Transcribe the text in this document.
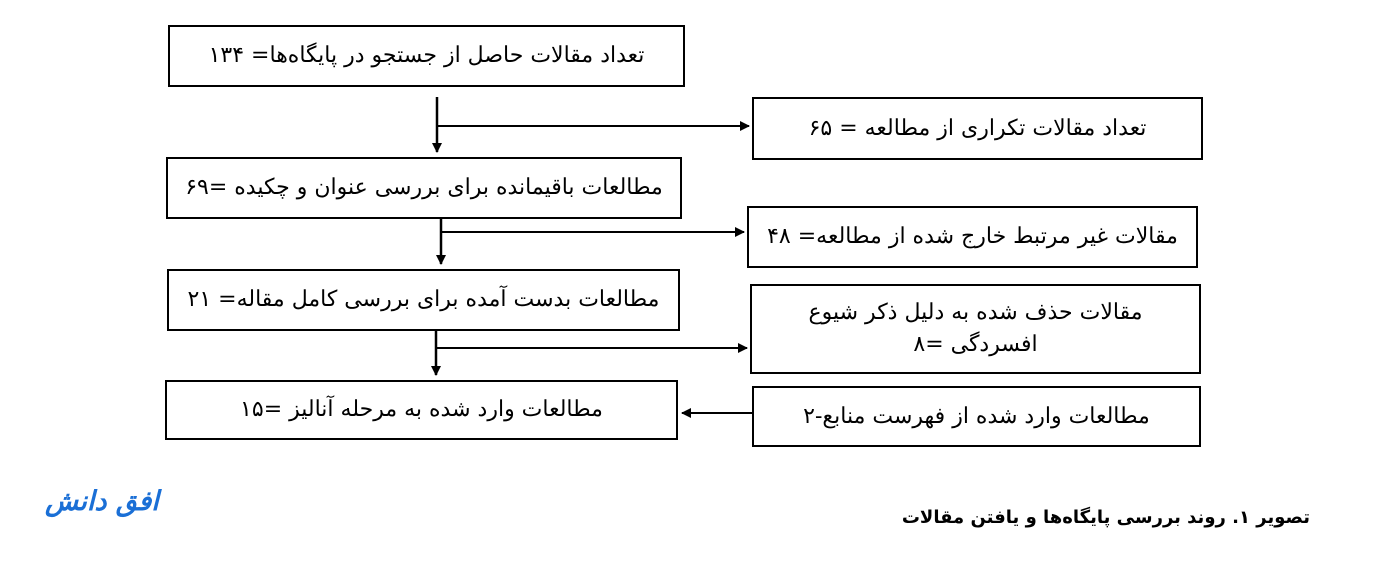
تعداد مقالات حاصل از جستجو در پایگاه‌ها= ۱۳۴
تعداد مقالات تکراری از مطالعه = ۶۵
مطالعات باقیمانده برای بررسی عنوان و چکیده =۶۹
مقالات غیر مرتبط خارج شده از مطالعه= ۴۸
مطالعات بدست آمده برای بررسی کامل مقاله= ۲۱
مقالات حذف شده به دلیل ذکر شیوع افسردگی =۸
مطالعات وارد شده به مرحله آنالیز =۱۵	مطالعات وارد شده از فهرست منابع-۲
افق دانش
تصویر ۱. روند بررسی پایگاه‌ها و یافتن مقالات
